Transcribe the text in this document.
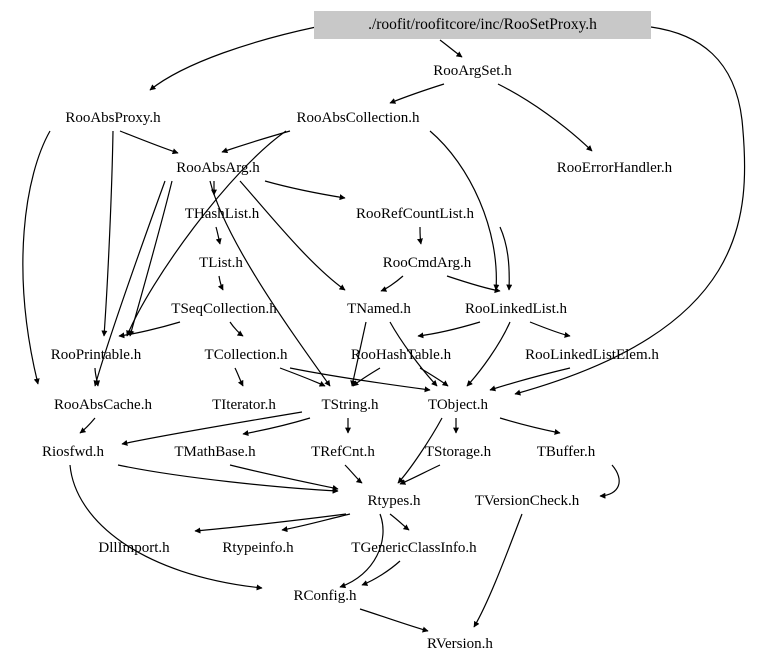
./roofit/roofitcore/inc/RooSetProxy.h
RooArgSet.h
RooAbsProxy.h	RooAbsCollection.h
RooErrorHandler.h
RooAbsArg.h
THashList.h	RooRefCountList.h
TList.h	RooCmdArg.h
TSeqCollection.h	TNamed.h	RooLinkedList.h
RooPrintable.h	TCollection.h	RooHashTable.h	RooLinkedListElem.h
RooAbsCache.h	TIterator.h	TString.h	TObject.h
Riosfwd.h	TMathBase.h	TRefCnt.h	TStorage.h	TBuffer.h
Rtypes.h	TVersionCheck.h
DllImport.h	Rtypeinfo.h	TGenericClassInfo.h
RConfig.h
RVersion.h
